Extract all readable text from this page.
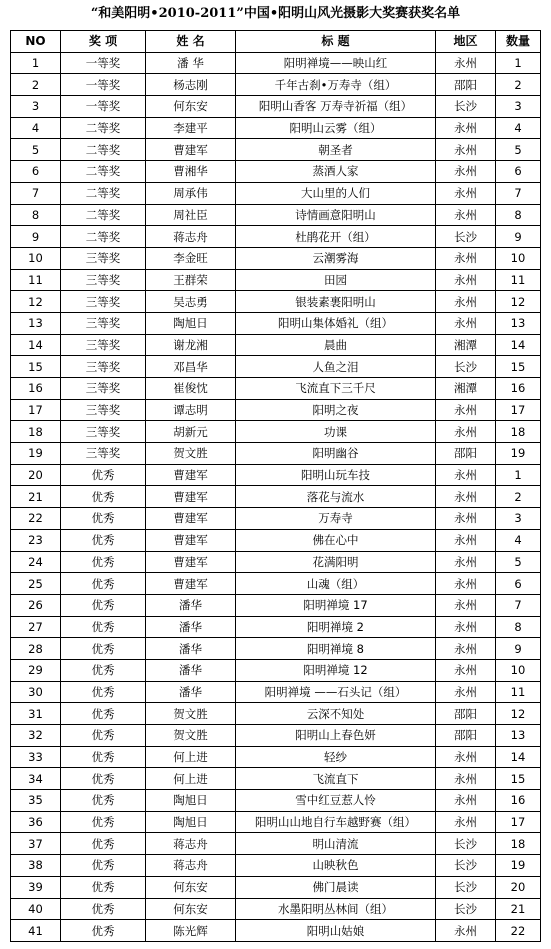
“和美阳明•2010-2011”中国•阳明山风光摄影大奖赛获奖名单
NO	奖 项	姓 名	标 题	地区	数量
1	一等奖	潘 华	阳明禅境——映山红	永州	1
2	一等奖	杨志刚	千年古刹•万寿寺（组）	邵阳	2
3	一等奖	何东安	阳明山香客 万寿寺祈福（组）	长沙	3
4	二等奖	李建平	阳明山云雾（组）	永州	4
5	二等奖	曹建军	朝圣者	永州	5
6	二等奖	曹湘华	蒸酒人家	永州	6
7	二等奖	周承伟	大山里的人们	永州	7
8	二等奖	周社臣	诗情画意阳明山	永州	8
9	二等奖	蒋志舟	杜鹃花开（组）	长沙	9
10	三等奖	李金旺	云潮雾海	永州	10
11	三等奖	王群荣	田园	永州	11
12	三等奖	吴志勇	银装素裹阳明山	永州	12
13	三等奖	陶旭日	阳明山集体婚礼（组）	永州	13
14	三等奖	谢龙湘	晨曲	湘潭	14
15	三等奖	邓昌华	人鱼之泪	长沙	15
16	三等奖	崔俊忱	飞流直下三千尺	湘潭	16
17	三等奖	谭志明	阳明之夜	永州	17
18	三等奖	胡新元	功课	永州	18
19	三等奖	贺文胜	阳明幽谷	邵阳	19
20	优秀	曹建军	阳明山玩车技	永州	1
21	优秀	曹建军	落花与流水	永州	2
22	优秀	曹建军	万寿寺	永州	3
23	优秀	曹建军	佛在心中	永州	4
24	优秀	曹建军	花满阳明	永州	5
25	优秀	曹建军	山魂（组）	永州	6
26	优秀	潘华	阳明禅境 17	永州	7
27	优秀	潘华	阳明禅境 2	永州	8
28	优秀	潘华	阳明禅境 8	永州	9
29	优秀	潘华	阳明禅境 12	永州	10
30	优秀	潘华	阳明禅境 ——石头记（组）	永州	11
31	优秀	贺文胜	云深不知处	邵阳	12
32	优秀	贺文胜	阳明山上春色妍	邵阳	13
33	优秀	何上进	轻纱	永州	14
34	优秀	何上进	飞流直下	永州	15
35	优秀	陶旭日	雪中红豆惹人怜	永州	16
36	优秀	陶旭日	阳明山山地自行车越野赛（组）	永州	17
37	优秀	蒋志舟	明山清流	长沙	18
38	优秀	蒋志舟	山映秋色	长沙	19
39	优秀	何东安	佛门晨读	长沙	20
40	优秀	何东安	水墨阳明丛林间（组）	长沙	21
41	优秀	陈光辉	阳明山姑娘	永州	22
